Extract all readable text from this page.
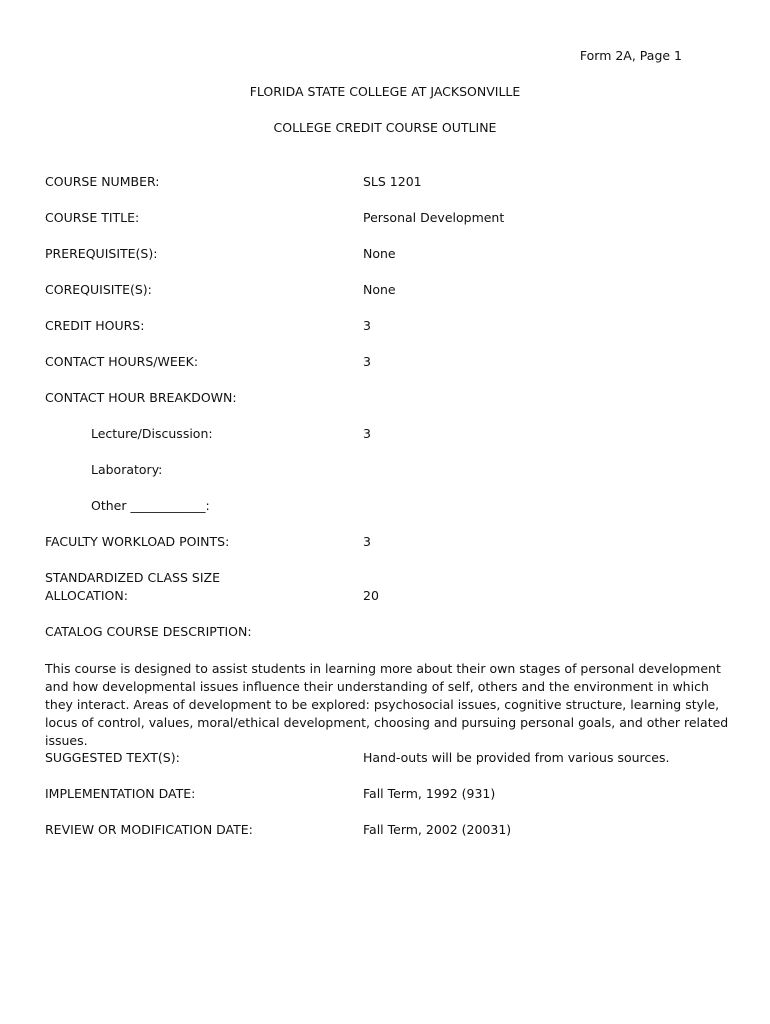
Form 2A, Page 1
FLORIDA STATE COLLEGE AT JACKSONVILLE
COLLEGE CREDIT COURSE OUTLINE
COURSE NUMBER:	SLS 1201
COURSE TITLE:	Personal Development
PREREQUISITE(S):	None
COREQUISITE(S):	None
CREDIT HOURS:	3
CONTACT HOURS/WEEK:	3
CONTACT HOUR BREAKDOWN:
Lecture/Discussion:	3
Laboratory:
Other ____________:
FACULTY WORKLOAD POINTS:	3
STANDARDIZED CLASS SIZE
ALLOCATION:	20
CATALOG COURSE DESCRIPTION:
This course is designed to assist students in learning more about their own stages of personal development and how developmental issues influence their understanding of self, others and the environment in which they interact. Areas of development to be explored: psychosocial issues, cognitive structure, learning style, locus of control, values, moral/ethical development, choosing and pursuing personal goals, and other related issues.
SUGGESTED TEXT(S):	Hand-outs will be provided from various sources.
IMPLEMENTATION DATE:	Fall Term, 1992 (931)
REVIEW OR MODIFICATION DATE:	Fall Term, 2002 (20031)
